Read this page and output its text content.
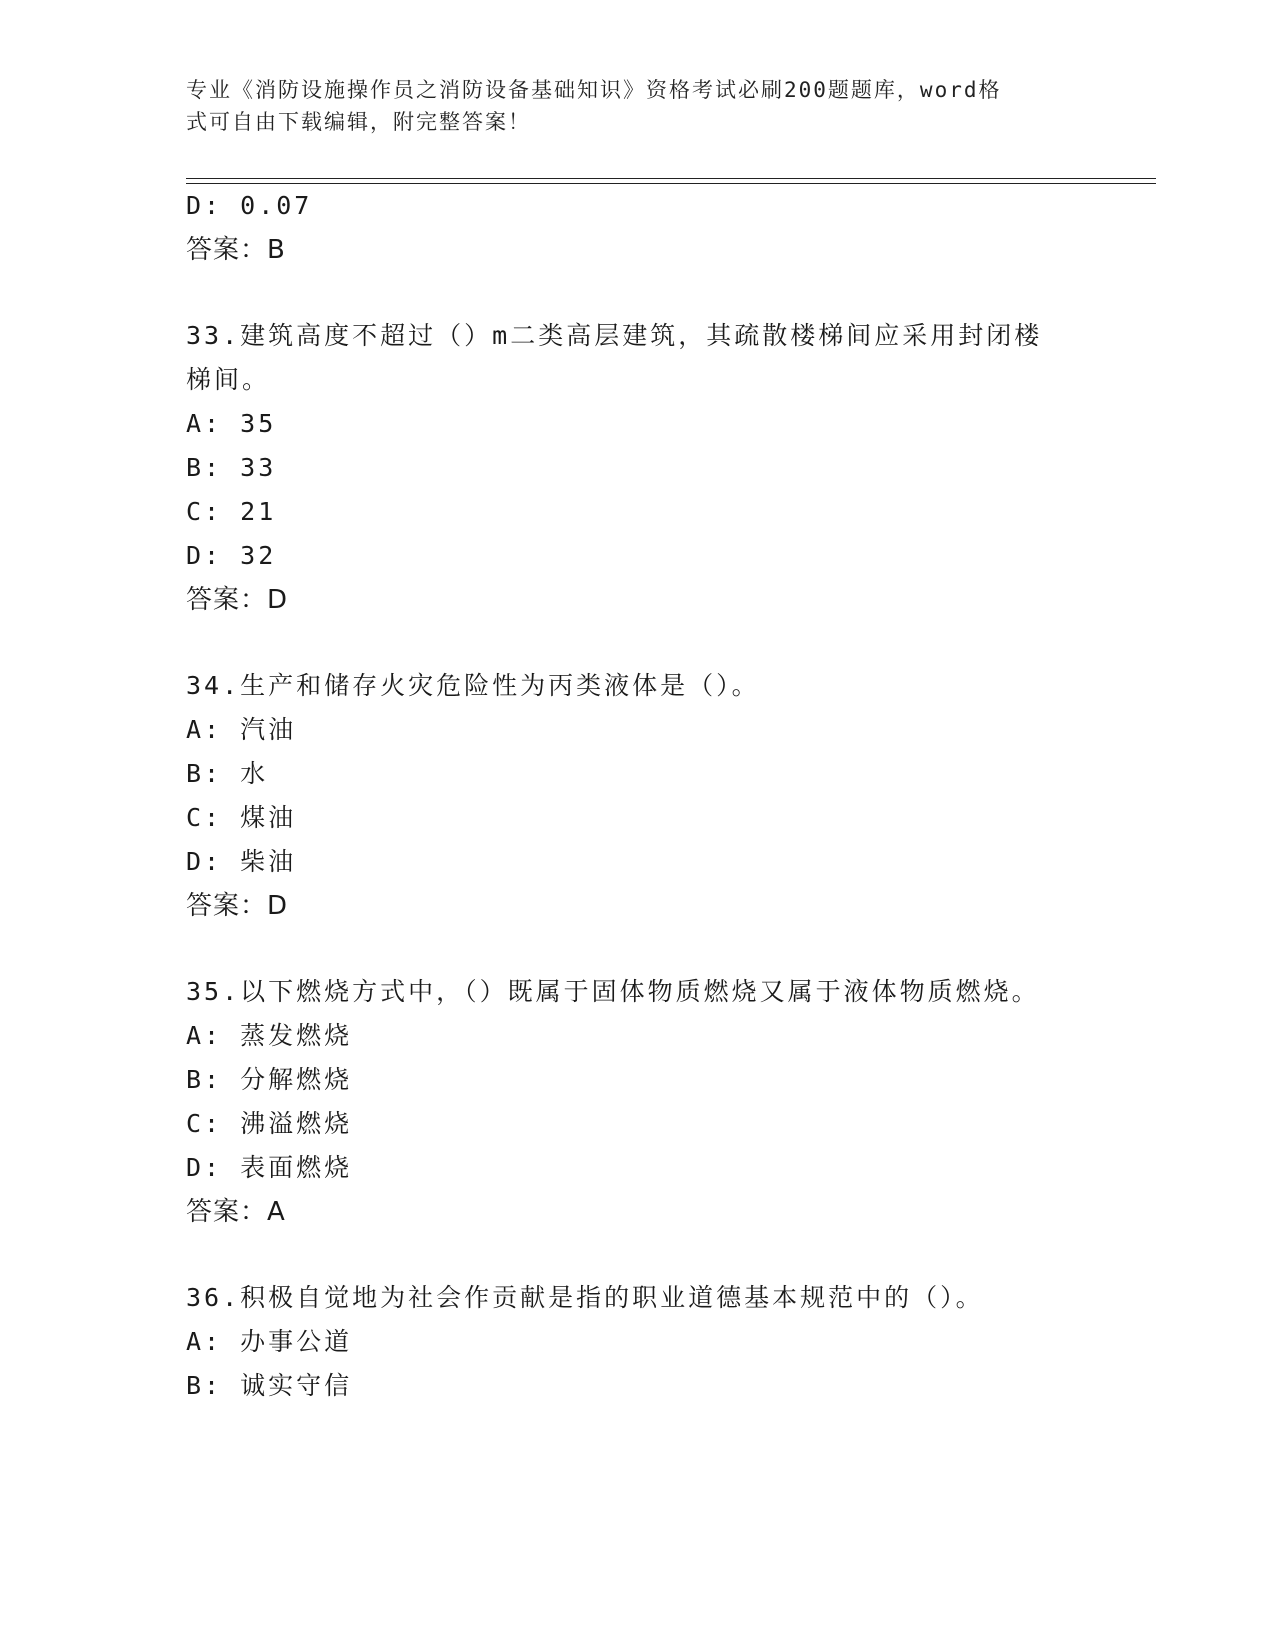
专业《消防设施操作员之消防设备基础知识》资格考试必刷200题题库，word格
式可自由下载编辑，附完整答案！
D: 0.07
答案：B
33.建筑高度不超过（）m二类高层建筑，其疏散楼梯间应采用封闭楼
梯间。
A: 35
B: 33
C: 21
D: 32
答案：D
34.生产和储存火灾危险性为丙类液体是（）。
A: 汽油
B: 水
C: 煤油
D: 柴油
答案：D
35.以下燃烧方式中，（）既属于固体物质燃烧又属于液体物质燃烧。
A: 蒸发燃烧
B: 分解燃烧
C: 沸溢燃烧
D: 表面燃烧
答案：A
36.积极自觉地为社会作贡献是指的职业道德基本规范中的（）。
A: 办事公道
B: 诚实守信
